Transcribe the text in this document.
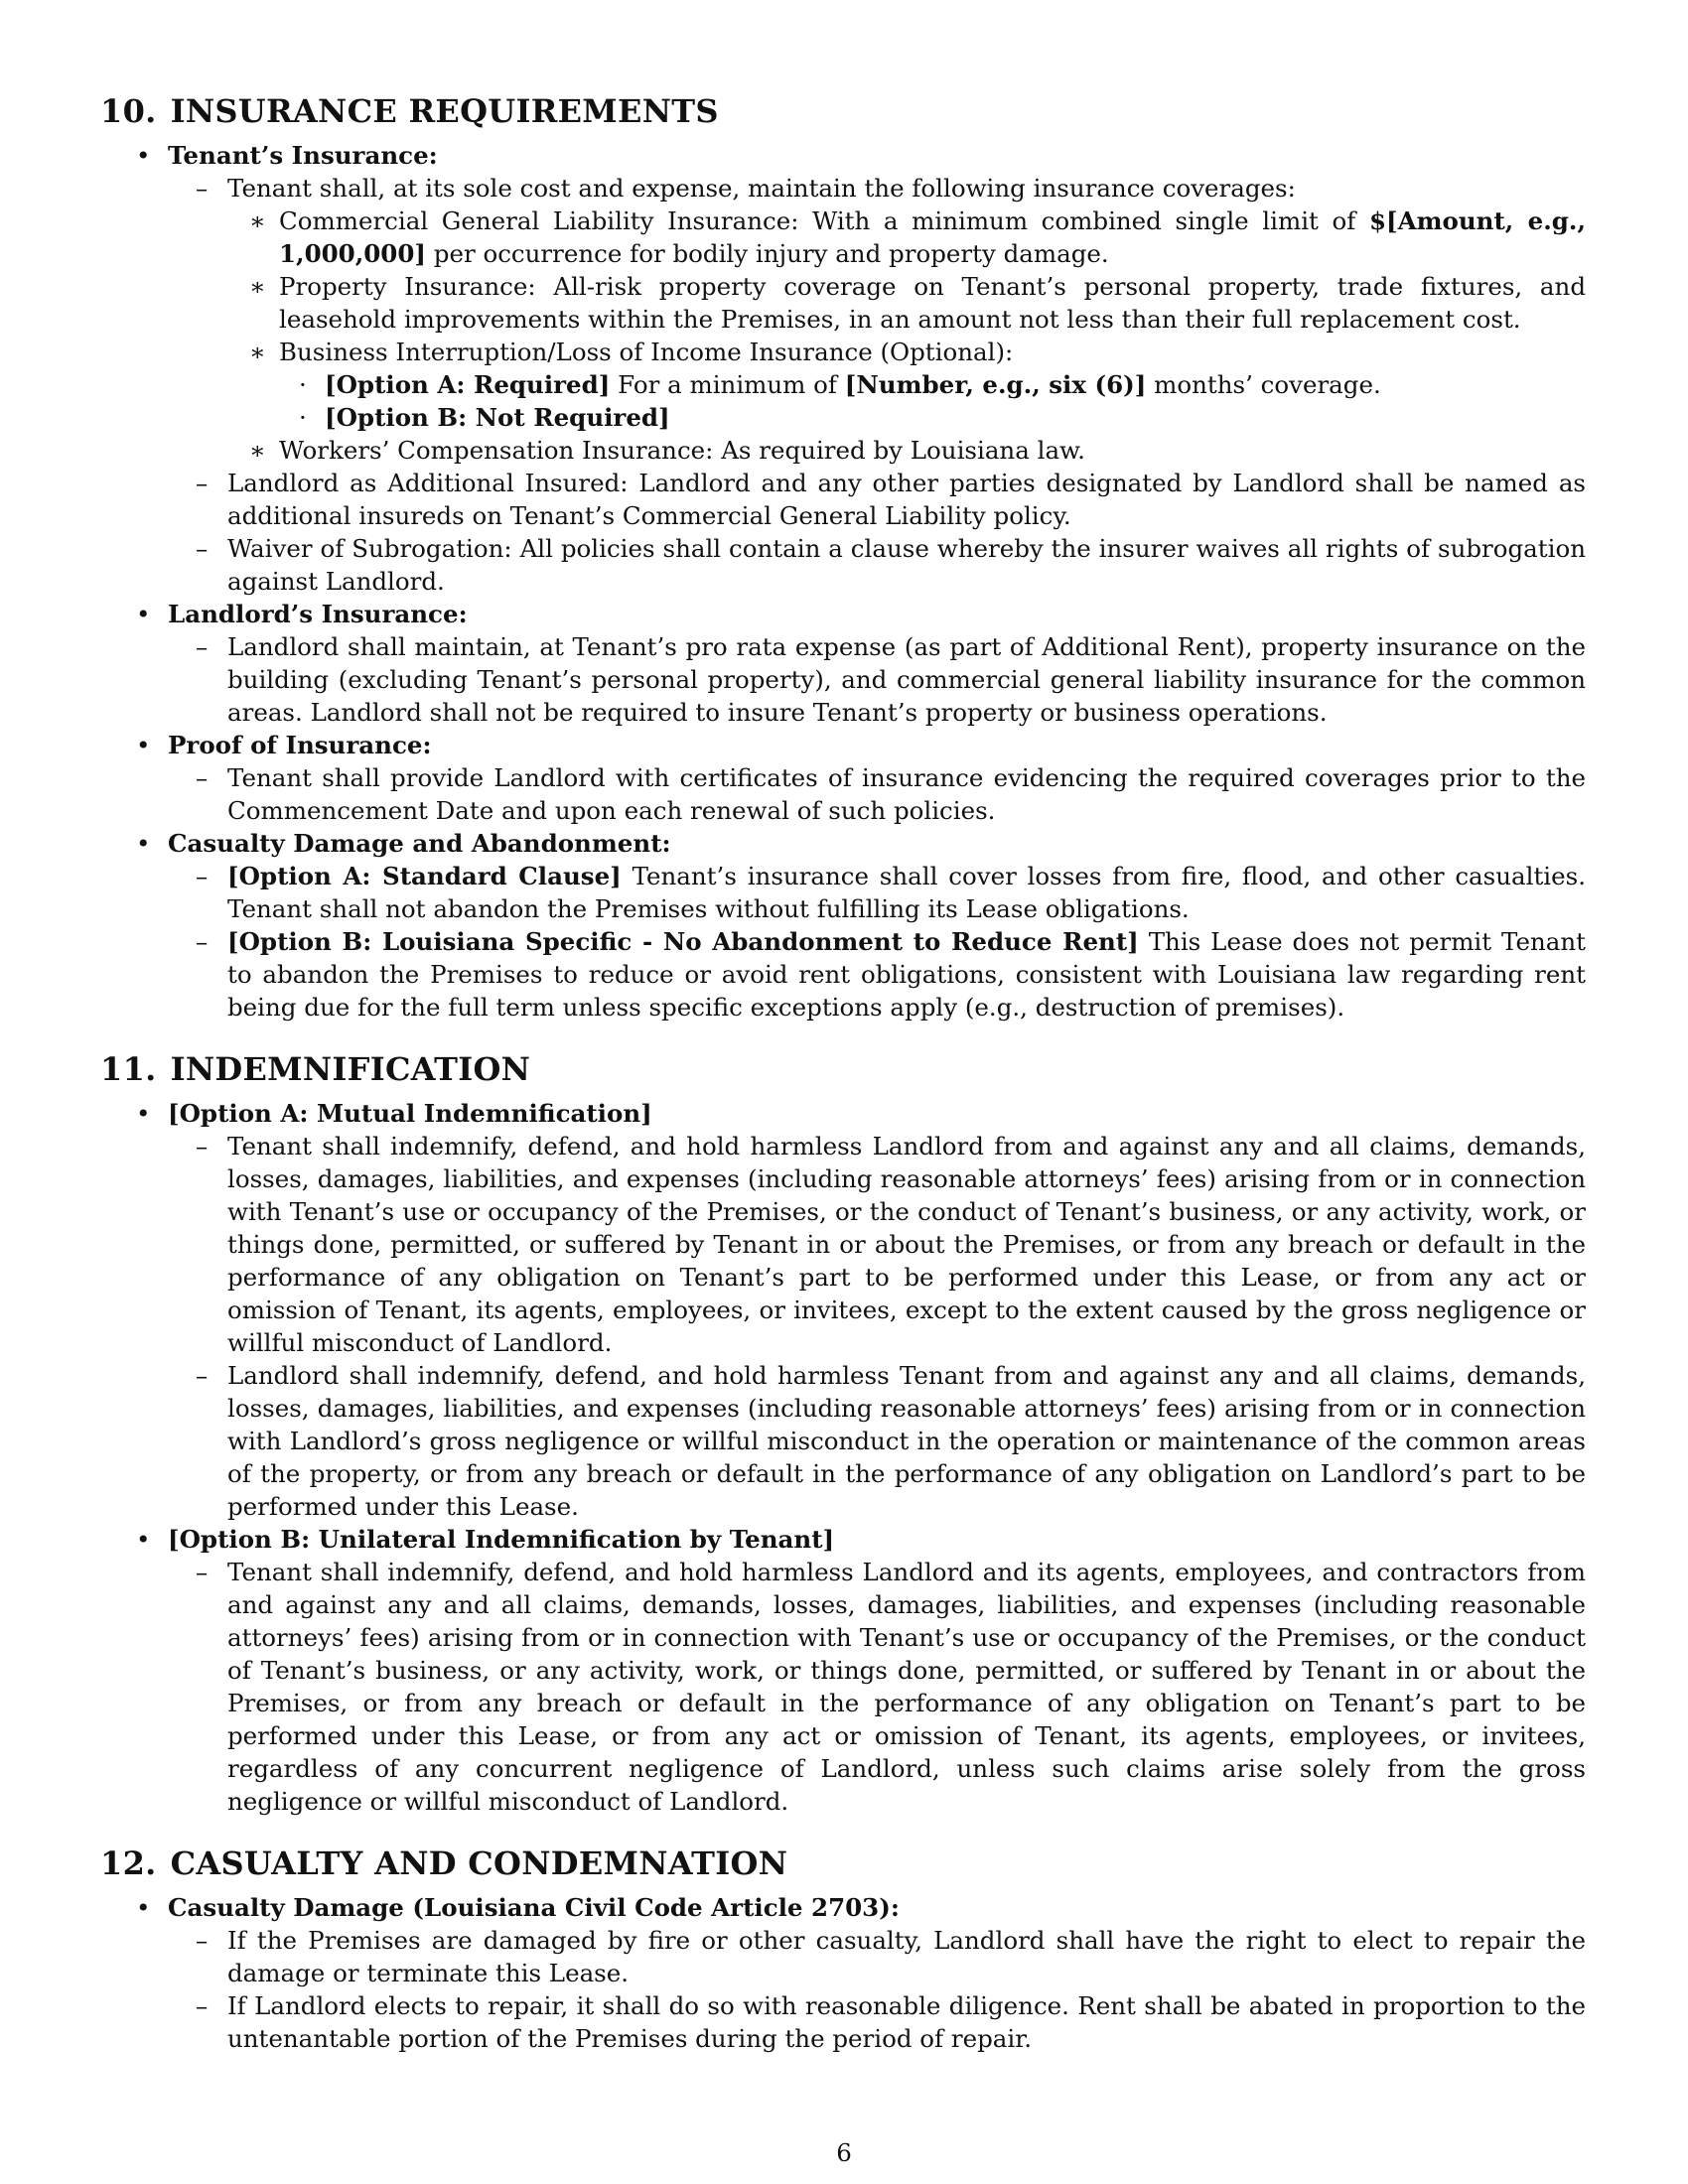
10. INSURANCE REQUIREMENTS
• Tenant’s Insurance:
– Tenant shall, at its sole cost and expense, maintain the following insurance coverages:
∗ Commercial General Liability Insurance: With a minimum combined single limit of $[Amount, e.g., 1,000,000] per occurrence for bodily injury and property damage.
∗ Property Insurance: All-risk property coverage on Tenant’s personal property, trade fixtures, and leasehold improvements within the Premises, in an amount not less than their full replacement cost.
∗ Business Interruption/Loss of Income Insurance (Optional):
· [Option A: Required] For a minimum of [Number, e.g., six (6)] months’ coverage.
· [Option B: Not Required]
∗ Workers’ Compensation Insurance: As required by Louisiana law.
– Landlord as Additional Insured: Landlord and any other parties designated by Landlord shall be named as additional insureds on Tenant’s Commercial General Liability policy.
– Waiver of Subrogation: All policies shall contain a clause whereby the insurer waives all rights of subrogation against Landlord.
• Landlord’s Insurance:
– Landlord shall maintain, at Tenant’s pro rata expense (as part of Additional Rent), property insurance on the building (excluding Tenant’s personal property), and commercial general liability insurance for the common areas. Landlord shall not be required to insure Tenant’s property or business operations.
• Proof of Insurance:
– Tenant shall provide Landlord with certificates of insurance evidencing the required coverages prior to the Commencement Date and upon each renewal of such policies.
• Casualty Damage and Abandonment:
– [Option A: Standard Clause] Tenant’s insurance shall cover losses from fire, flood, and other casualties. Tenant shall not abandon the Premises without fulfilling its Lease obligations.
– [Option B: Louisiana Specific - No Abandonment to Reduce Rent] This Lease does not permit Tenant to abandon the Premises to reduce or avoid rent obligations, consistent with Louisiana law regarding rent being due for the full term unless specific exceptions apply (e.g., destruction of premises).
11. INDEMNIFICATION
• [Option A: Mutual Indemnification]
– Tenant shall indemnify, defend, and hold harmless Landlord from and against any and all claims, demands, losses, damages, liabilities, and expenses (including reasonable attorneys’ fees) arising from or in connection with Tenant’s use or occupancy of the Premises, or the conduct of Tenant’s business, or any activity, work, or things done, permitted, or suffered by Tenant in or about the Premises, or from any breach or default in the performance of any obligation on Tenant’s part to be performed under this Lease, or from any act or omission of Tenant, its agents, employees, or invitees, except to the extent caused by the gross negligence or willful misconduct of Landlord.
– Landlord shall indemnify, defend, and hold harmless Tenant from and against any and all claims, demands, losses, damages, liabilities, and expenses (including reasonable attorneys’ fees) arising from or in connection with Landlord’s gross negligence or willful misconduct in the operation or maintenance of the common areas of the property, or from any breach or default in the performance of any obligation on Landlord’s part to be performed under this Lease.
• [Option B: Unilateral Indemnification by Tenant]
– Tenant shall indemnify, defend, and hold harmless Landlord and its agents, employees, and contractors from and against any and all claims, demands, losses, damages, liabilities, and expenses (including reasonable attorneys’ fees) arising from or in connection with Tenant’s use or occupancy of the Premises, or the conduct of Tenant’s business, or any activity, work, or things done, permitted, or suffered by Tenant in or about the Premises, or from any breach or default in the performance of any obligation on Tenant’s part to be performed under this Lease, or from any act or omission of Tenant, its agents, employees, or invitees, regardless of any concurrent negligence of Landlord, unless such claims arise solely from the gross negligence or willful misconduct of Landlord.
12. CASUALTY AND CONDEMNATION
• Casualty Damage (Louisiana Civil Code Article 2703):
– If the Premises are damaged by fire or other casualty, Landlord shall have the right to elect to repair the damage or terminate this Lease.
– If Landlord elects to repair, it shall do so with reasonable diligence. Rent shall be abated in proportion to the untenantable portion of the Premises during the period of repair.
6
